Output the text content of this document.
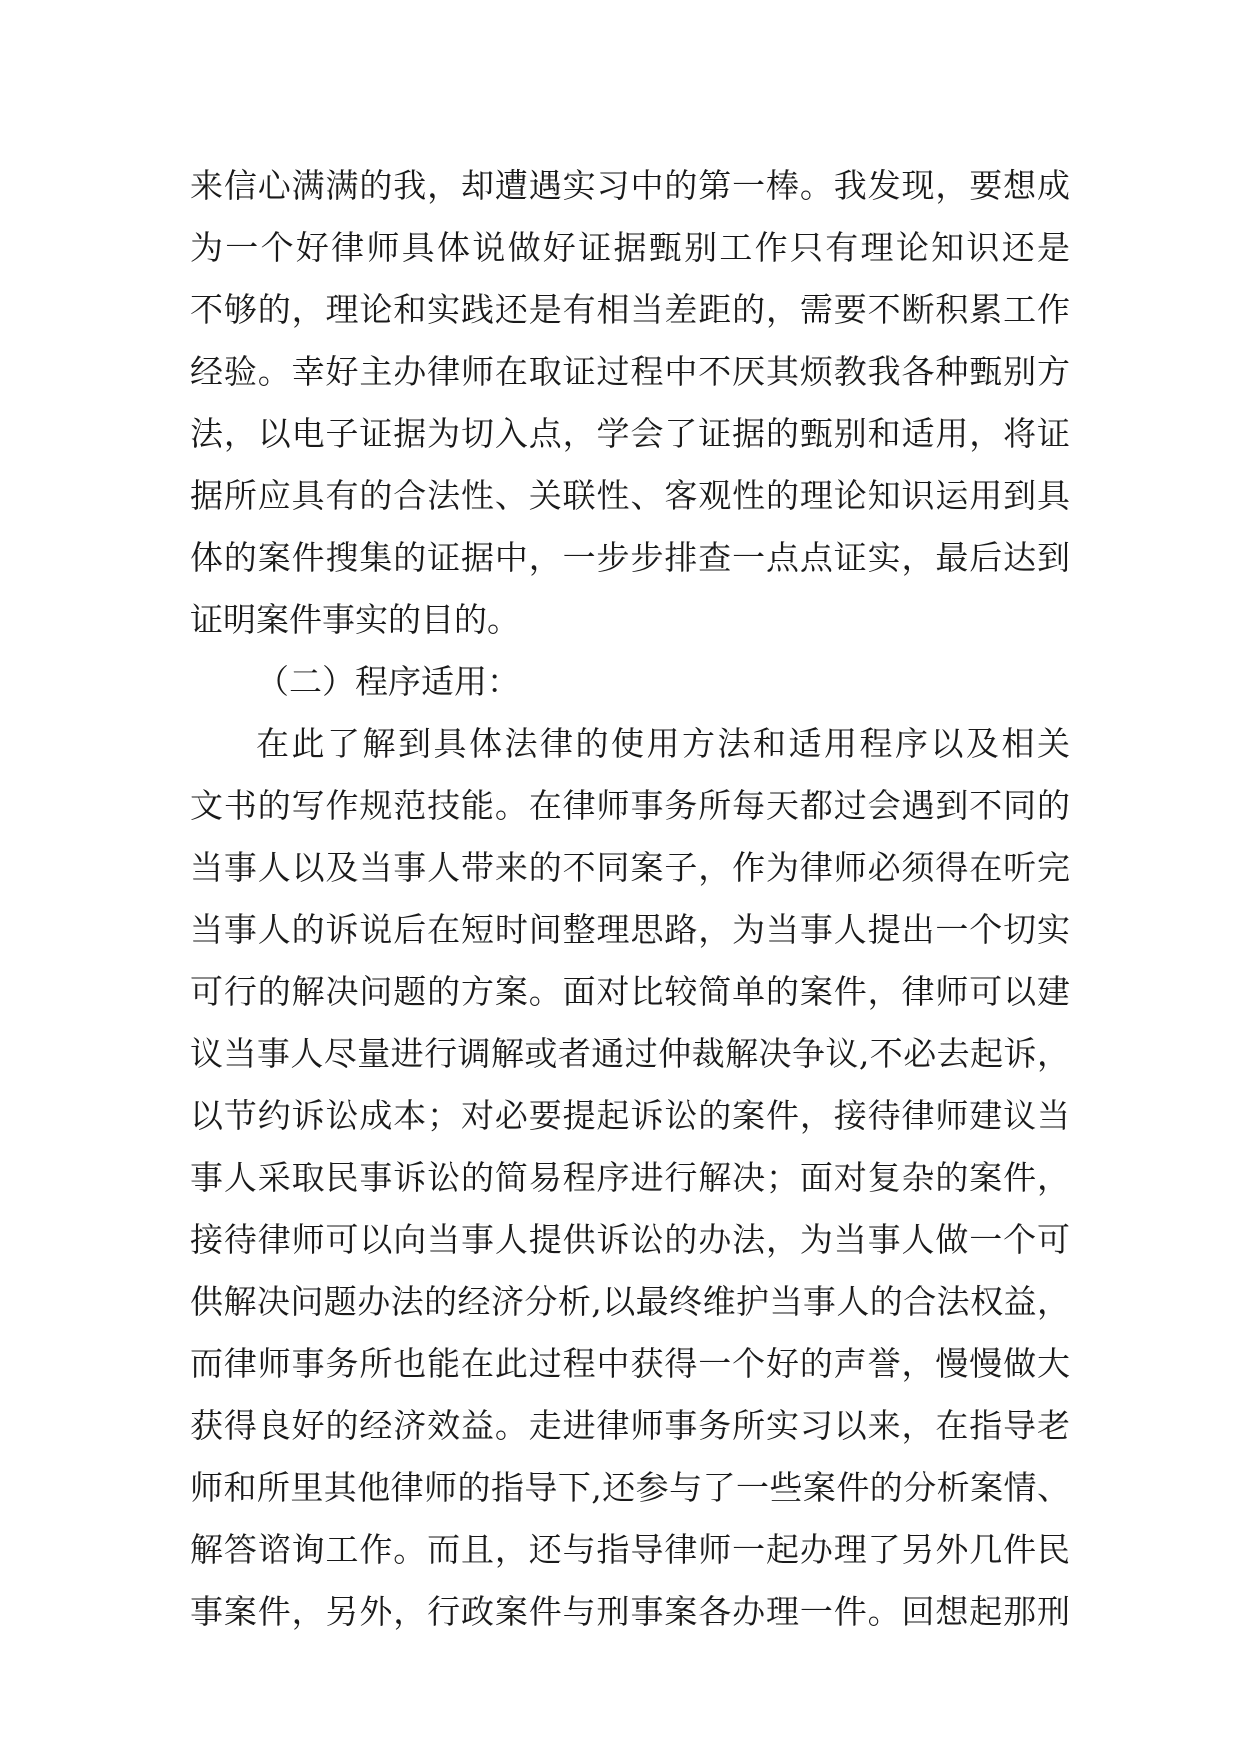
来信心满满的我，却遭遇实习中的第一棒。我发现，要想成
为一个好律师具体说做好证据甄别工作只有理论知识还是
不够的，理论和实践还是有相当差距的，需要不断积累工作
经验。幸好主办律师在取证过程中不厌其烦教我各种甄别方
法，以电子证据为切入点，学会了证据的甄别和适用，将证
据所应具有的合法性、关联性、客观性的理论知识运用到具
体的案件搜集的证据中，一步步排查一点点证实，最后达到
证明案件事实的目的。
（二）程序适用：
在此了解到具体法律的使用方法和适用程序以及相关
文书的写作规范技能。在律师事务所每天都过会遇到不同的
当事人以及当事人带来的不同案子，作为律师必须得在听完
当事人的诉说后在短时间整理思路，为当事人提出一个切实
可行的解决问题的方案。面对比较简单的案件，律师可以建
议当事人尽量进行调解或者通过仲裁解决争议,不必去起诉，
以节约诉讼成本；对必要提起诉讼的案件，接待律师建议当
事人采取民事诉讼的简易程序进行解决；面对复杂的案件，
接待律师可以向当事人提供诉讼的办法，为当事人做一个可
供解决问题办法的经济分析,以最终维护当事人的合法权益，
而律师事务所也能在此过程中获得一个好的声誉，慢慢做大
获得良好的经济效益。走进律师事务所实习以来，在指导老
师和所里其他律师的指导下,还参与了一些案件的分析案情、
解答谘询工作。而且，还与指导律师一起办理了另外几件民
事案件，另外，行政案件与刑事案各办理一件。回想起那刑
